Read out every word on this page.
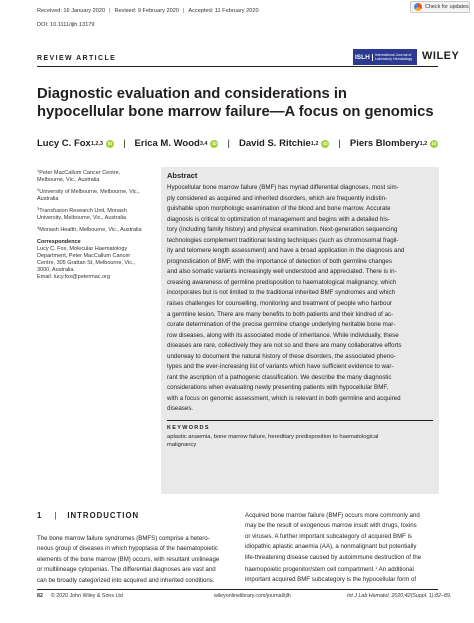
Received: 16 January 2020 | Revised: 9 February 2020 | Accepted: 11 February 2020
DOI: 10.1111/ijlh.13179
Check for updates
REVIEW ARTICLE	ISLH	International Journal of
Laboratory Hematology WILEY
Diagnostic evaluation and considerations in hypocellular bone marrow failure—A focus on genomics
Lucy C. Fox 1,2,3	iD | Erica M. Wood 3,4	iD | David S. Ritchie 1,2	iD | Piers Blombery 1,2	iD
$^1$Peter MacCallum Cancer Centre, Melbourne, Vic., Australia
$^2$University of Melbourne, Melbourne, Vic., Australia
$^3$Transfusion Research Unit, Monash University, Melbourne, Vic., Australia
$^4$Monash Health, Melbourne, Vic., Australia
Correspondence
Lucy C. Fox, Molecular Haematology
Department, Peter MacCallum Cancer
Centre, 305 Grattan St, Melbourne, Vic.,
3000, Australia.
Email: lucy.fox@petermac.org
Abstract
Hypocellular bone marrow failure (BMF) has myriad differential diagnoses, most sim-
ply considered as acquired and inherited disorders, which are frequently indistin-
guishable upon morphologic examination of the blood and bone marrow. Accurate
diagnosis is critical to optimization of management and begins with a detailed his-
tory (including family history) and physical examination. Next-generation sequencing
technologies complement traditional testing techniques (such as chromosomal fragil-
ity and telomere length assessment) and have a broad application in the diagnosis and
prognostication of BMF, with the importance of detection of both germline changes
and also somatic variants increasingly well understood and appreciated. There is in-
creasing awareness of germline predisposition to haematological malignancy, which
incorporates but is not limited to the traditional inherited BMF syndromes and which
raises challenges for counselling, monitoring and treatment of people who harbour
a germline lesion. There are many benefits to both patients and their kindred of ac-
curate determination of the precise germline change underlying heritable bone mar-
row diseases, along with its associated mode of inheritance. While individually, these
diseases are rare, collectively they are not so and there are many collaborative efforts
underway to document the natural history of these disorders, the associated pheno-
types and the ever-increasing list of variants which have sufficient evidence to war-
rant the ascription of a pathogenic classification. We describe the many diagnostic
considerations when evaluating newly presenting patients with hypocellular BMF,
with a focus on genomic assessment, which is relevant in both germline and acquired
diseases.
KEYWORDS
aplastic anaemia, bone marrow failure, hereditary predisposition to haematological
malignancy
1 | INTRODUCTION
The bone marrow failure syndromes (BMFS) comprise a hetero-
neous group of diseases in which hypoplasia of the haematopoietic
elements of the bone marrow (BM) occurs, with resultant unilineage
or multilineage cytopenias. The differential diagnoses are vast and
can be broadly categorized into acquired and inherited conditions.
Acquired bone marrow failure (BMF) occurs more commonly and
may be the result of exogenous marrow insult with drugs, toxins
or viruses. A further important subcategory of acquired BMF is
idiopathic aplastic anaemia (AA), a nonmalignant but potentially
life-threatening disease caused by autoimmune destruction of the
haemopoietic progenitor/stem cell compartment.$^1$ An additional
important acquired BMF subcategory is the hypocellular form of
82 © 2020 John Wiley & Sons Ltd	wileyonlinelibrary.com/journal/ijlh	Int J Lab Hematol. 2020;42(Suppl. 1):82–89.
